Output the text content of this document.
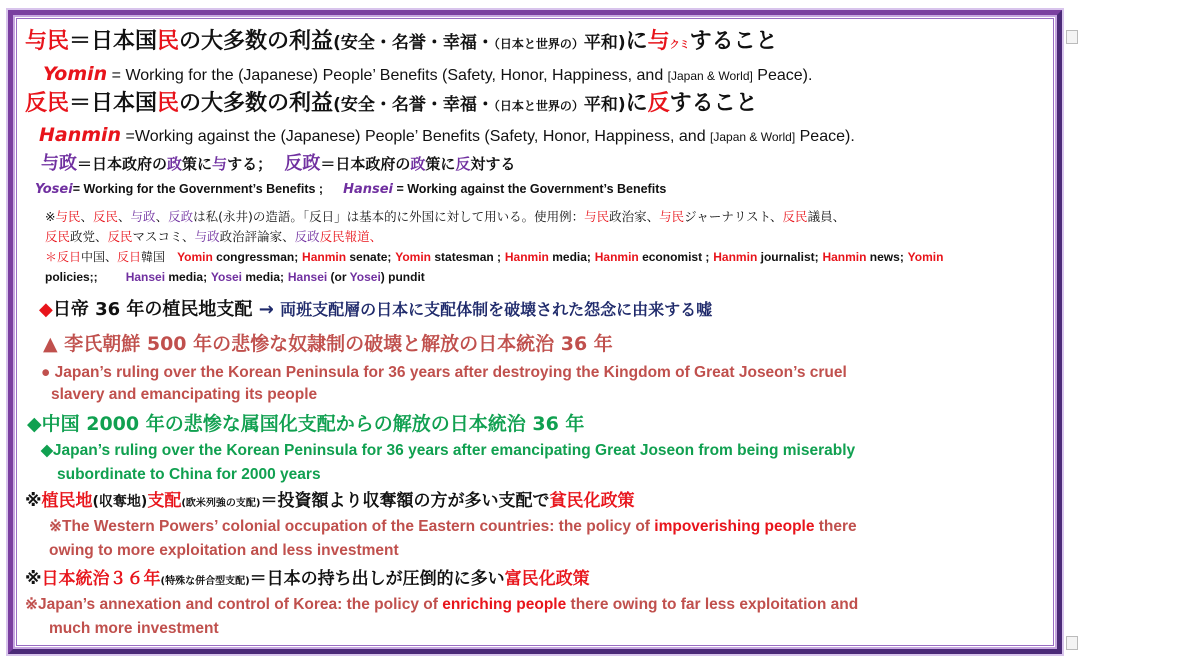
与民＝日本国民の大多数の利益(安全・名誉・幸福・（日本と世界の）平和)に与クミすること
Yomin = Working for the (Japanese) People’ Benefits (Safety, Honor, Happiness, and [Japan & World] Peace).
反民＝日本国民の大多数の利益(安全・名誉・幸福・（日本と世界の）平和)に反すること
Hanmin =Working against the (Japanese) People’ Benefits (Safety, Honor, Happiness, and [Japan & World] Peace).
与政＝日本政府の政策に与する； 反政＝日本政府の政策に反対する
Yosei= Working for the Government’s Benefits ; Hansei = Working against the Government’s Benefits
※与民、反民、与政、反政は私(永井)の造語。「反日」は基本的に外国に対して用いる。使用例：与民政治家、与民ジャーナリスト、反民議員、
反民政党、反民マスコミ、与政政治評論家、反政反民報道、
＊反日中国、反日韓国 Yomin congressman; Hanmin senate; Yomin statesman ; Hanmin media; Hanmin economist ; Hanmin journalist; Hanmin news; Yomin
policies;; Hansei media; Yosei media; Hansei (or Yosei) pundit
◆日帝 36 年の植民地支配 → 両班支配層の日本に支配体制を破壊された怨念に由来する嘘
▲ 李氏朝鮮 500 年の悲惨な奴隷制の破壊と解放の日本統治 36 年
● Japan’s ruling over the Korean Peninsula for 36 years after destroying the Kingdom of Great Joseon’s cruel
slavery and emancipating its people
◆中国 2000 年の悲惨な属国化支配からの解放の日本統治 36 年
◆Japan’s ruling over the Korean Peninsula for 36 years after emancipating Great Joseon from being miserably
subordinate to China for 2000 years
※植民地(収奪地)支配(欧米列強の支配)＝投資額より収奪額の方が多い支配で貧民化政策
※The Western Powers’ colonial occupation of the Eastern countries: the policy of impoverishing people there
owing to more exploitation and less investment
※日本統治３６年(特殊な併合型支配)＝日本の持ち出しが圧倒的に多い富民化政策
※Japan’s annexation and control of Korea: the policy of enriching people there owing to far less exploitation and
much more investment
